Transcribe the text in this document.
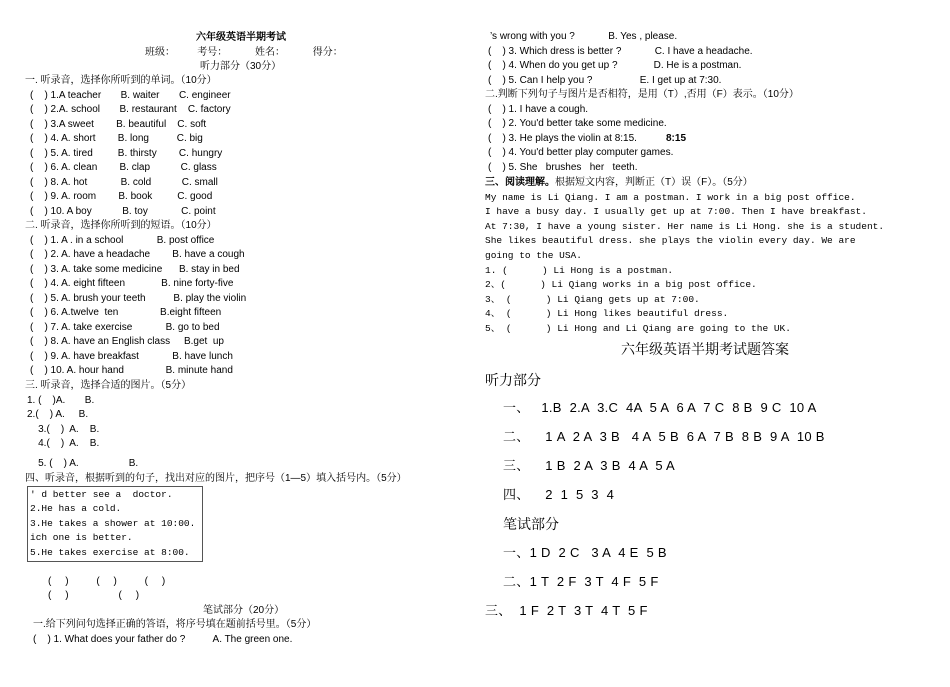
六年级英语半期考试
班级：        考号：          姓名：          得分：
听力部分（30分）
一. 听录音，选择你所听到的单词。（10分）
(    ) 1.A teacher       B. waiter       C. engineer
(    ) 2.A. school       B. restaurant    C. factory
(    ) 3.A sweet        B. beautiful    C. soft
(    ) 4. A. short        B. long          C. big
(    ) 5. A. tired         B. thirsty        C. hungry
(    ) 6. A. clean        B. clap           C. glass
(    ) 8. A. hot            B. cold           C. small
(    ) 9. A. room        B. book         C. good
(    ) 10. A boy           B. toy            C. point
二. 听录音，选择你所听到的短语。（10分）
(    ) 1. A . in a school            B. post office
(    ) 2. A. have a headache        B. have a cough
(    ) 3. A. take some medicine      B. stay in bed
(    ) 4. A. eight fifteen             B. nine forty-five
(    ) 5. A. brush your teeth          B. play the violin
(    ) 6. A.twelve  ten               B.eight fifteen
(    ) 7. A. take exercise            B. go to bed
(    ) 8. A. have an English class     B.get  up
(    ) 9. A. have breakfast            B. have lunch
(    ) 10. A. hour hand               B. minute hand
三. 听录音，选择合适的图片。（5分）
1. (    )A.       B.
2.(    ) A.     B.
3.(    )  A.    B.
4.(    )  A.    B.
5. (    ) A.                  B.
四、听录音，根据听到的句子，找出对应的图片，把序号（1—5）填入括号内。（5分）
' d better see a  doctor.
2.He has a cold.
3.He takes a shower at 10:00.
ich one is better.
5.He takes exercise at 8:00.
(     )          (     )          (     )
(     )                  (     )
笔试部分（20分）
一.给下列问句选择正确的答语，将序号填在题前括号里。（5分）
(    ) 1. What does your father do ?          A. The green one.
’s wrong with you ?            B. Yes , please.
(    ) 3. Which dress is better ?            C. I have a headache.
(    ) 4. When do you get up ?             D. He is a postman.
(    ) 5. Can I help you ?                 E. I get up at 7:30.
二.判断下列句子与图片是否相符，是用（T）,否用（F）表示。（10分）
(    ) 1. I have a cough.
(    ) 2. You'd better take some medicine.
(    ) 3. He plays the violin at 8:15.	8:15
(    ) 4. You'd better play computer games.
(    ) 5. She   brushes   her   teeth.
三、阅读理解。根据短文内容，判断正（T）误（F）。（5分）
My name is Li Qiang. I am a postman. I work in a big post office.
I have a busy day. I usually get up at 7:00. Then I have breakfast.
At 7:30, I have a young sister. Her name is Li Hong. she is a student.
She likes beautiful dress. she plays the violin every day. We are
going to the USA.
1. (      ) Li Hong is a postman.
2、(      ) Li Qiang works in a big post office.
3、 (      ) Li Qiang gets up at 7:00.
4、 (      ) Li Hong likes beautiful dress.
5、 (      ) Li Hong and Li Qiang are going to the UK.
六年级英语半期考试题答案
听力部分
一、   1.B  2.A  3.C  4A  5 A  6 A  7 C  8 B  9 C  10 A
二、    1 A  2 A  3 B   4 A  5 B  6 A  7 B  8 B  9 A  10 B
三、    1 B  2 A  3 B  4 A  5 A
四、    2  1  5  3  4
笔试部分
一、1 D  2 C   3 A  4 E  5 B
二、1 T  2 F  3 T  4 F  5 F
三、  1 F  2 T  3 T  4 T  5 F
